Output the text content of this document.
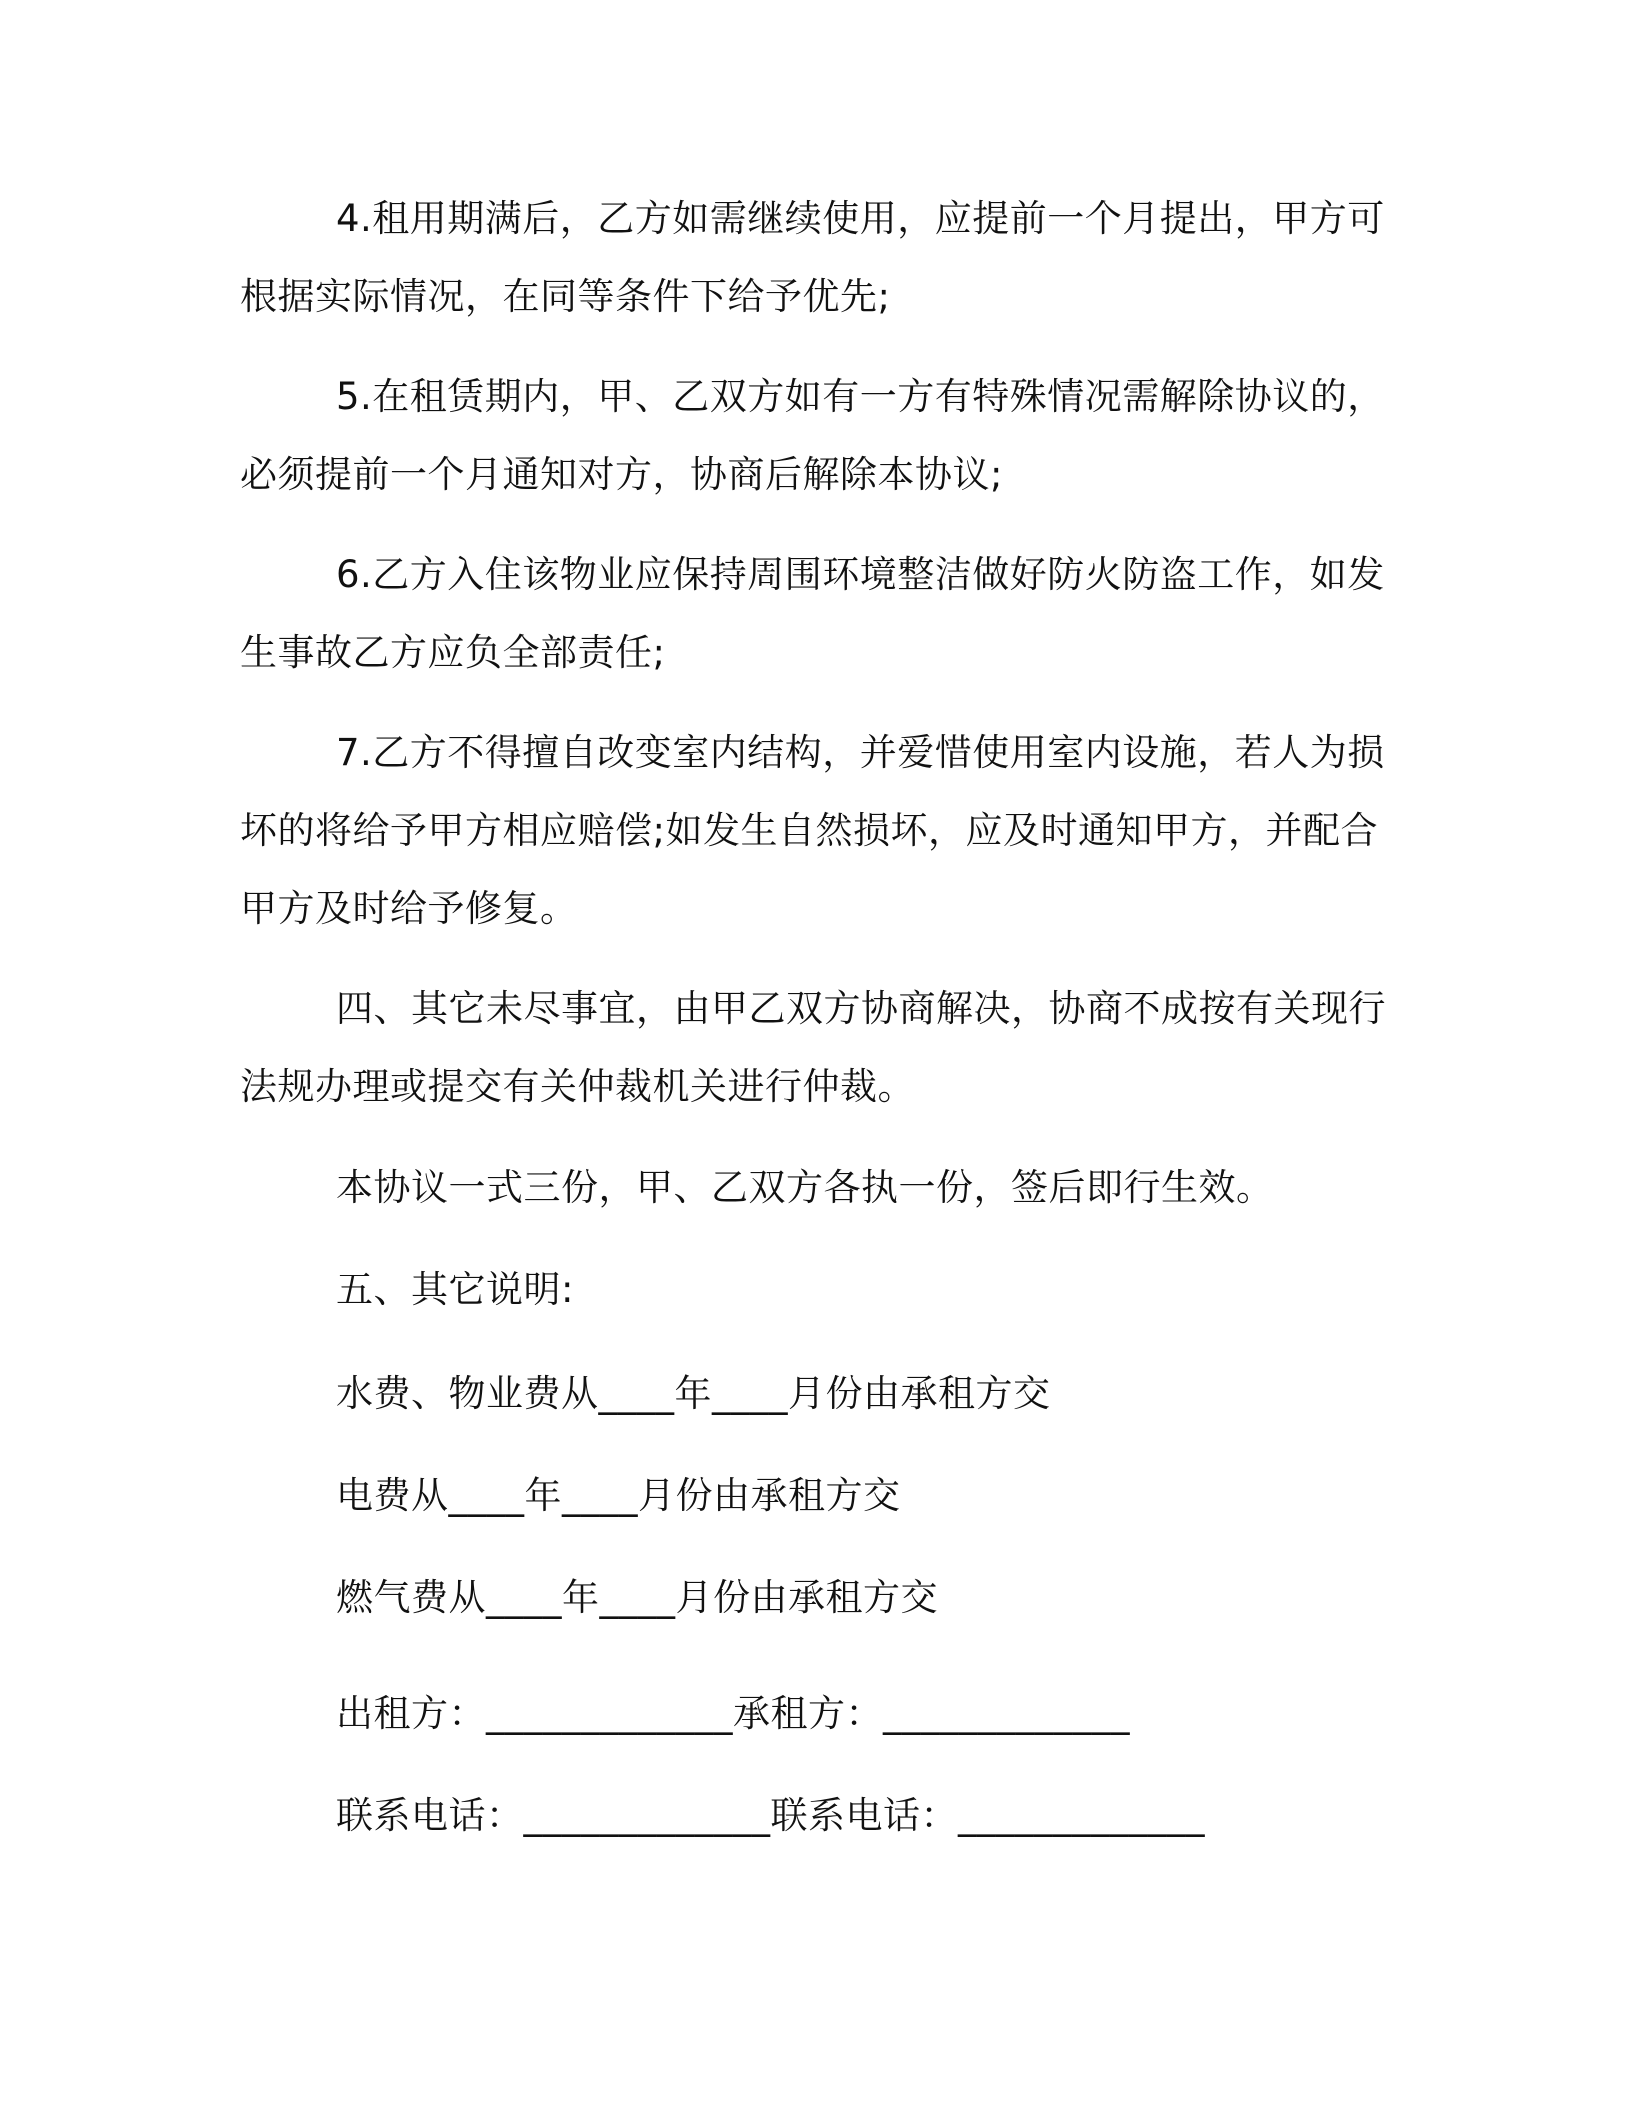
4.租用期满后，乙方如需继续使用，应提前一个月提出，甲方可
根据实际情况，在同等条件下给予优先;
5.在租赁期内，甲、乙双方如有一方有特殊情况需解除协议的，
必须提前一个月通知对方，协商后解除本协议;
6.乙方入住该物业应保持周围环境整洁做好防火防盗工作，如发
生事故乙方应负全部责任;
7.乙方不得擅自改变室内结构，并爱惜使用室内设施，若人为损
坏的将给予甲方相应赔偿;如发生自然损坏，应及时通知甲方，并配合
甲方及时给予修复。
四、其它未尽事宜，由甲乙双方协商解决，协商不成按有关现行
法规办理或提交有关仲裁机关进行仲裁。
本协议一式三份，甲、乙双方各执一份，签后即行生效。
五、其它说明:
水费、物业费从____年____月份由承租方交
电费从____年____月份由承租方交
燃气费从____年____月份由承租方交
出租方：_____________承租方：_____________
联系电话：_____________联系电话：_____________
